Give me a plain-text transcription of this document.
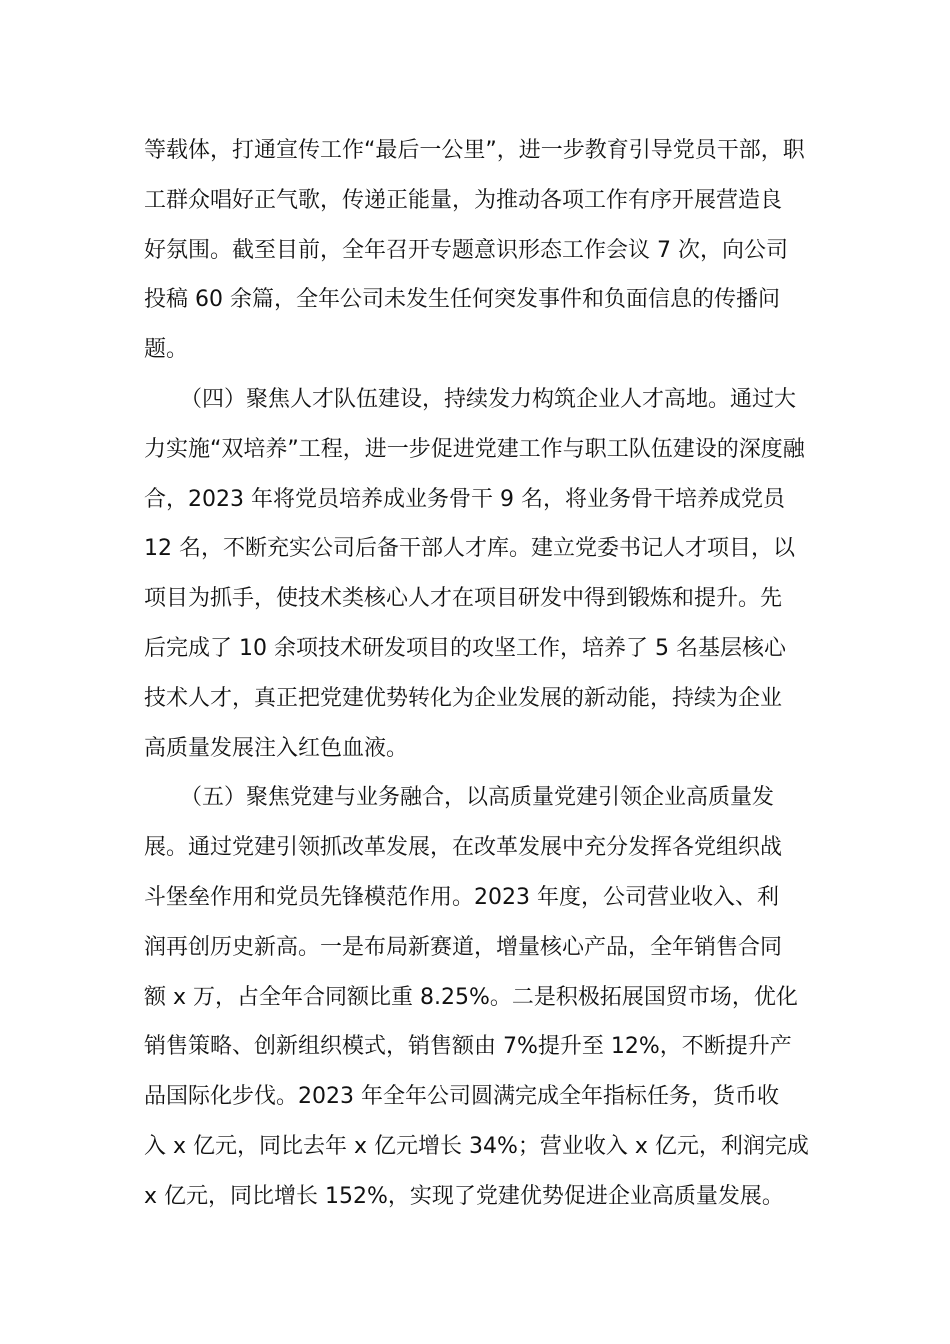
等载体，打通宣传工作“最后一公里”，进一步教育引导党员干部，职
工群众唱好正气歌，传递正能量，为推动各项工作有序开展营造良
好氛围。截至目前，全年召开专题意识形态工作会议 7 次，向公司
投稿 60 余篇，全年公司未发生任何突发事件和负面信息的传播问
题。
（四）聚焦人才队伍建设，持续发力构筑企业人才高地。通过大
力实施“双培养”工程，进一步促进党建工作与职工队伍建设的深度融
合，2023 年将党员培养成业务骨干 9 名，将业务骨干培养成党员
12 名，不断充实公司后备干部人才库。建立党委书记人才项目，以
项目为抓手，使技术类核心人才在项目研发中得到锻炼和提升。先
后完成了 10 余项技术研发项目的攻坚工作，培养了 5 名基层核心
技术人才，真正把党建优势转化为企业发展的新动能，持续为企业
高质量发展注入红色血液。
（五）聚焦党建与业务融合，以高质量党建引领企业高质量发
展。通过党建引领抓改革发展，在改革发展中充分发挥各党组织战
斗堡垒作用和党员先锋模范作用。2023 年度，公司营业收入、利
润再创历史新高。一是布局新赛道，增量核心产品，全年销售合同
额 x 万，占全年合同额比重 8.25%。二是积极拓展国贸市场，优化
销售策略、创新组织模式，销售额由 7%提升至 12%，不断提升产
品国际化步伐。2023 年全年公司圆满完成全年指标任务，货币收
入 x 亿元，同比去年 x 亿元增长 34%；营业收入 x 亿元，利润完成
x 亿元，同比增长 152%，实现了党建优势促进企业高质量发展。
